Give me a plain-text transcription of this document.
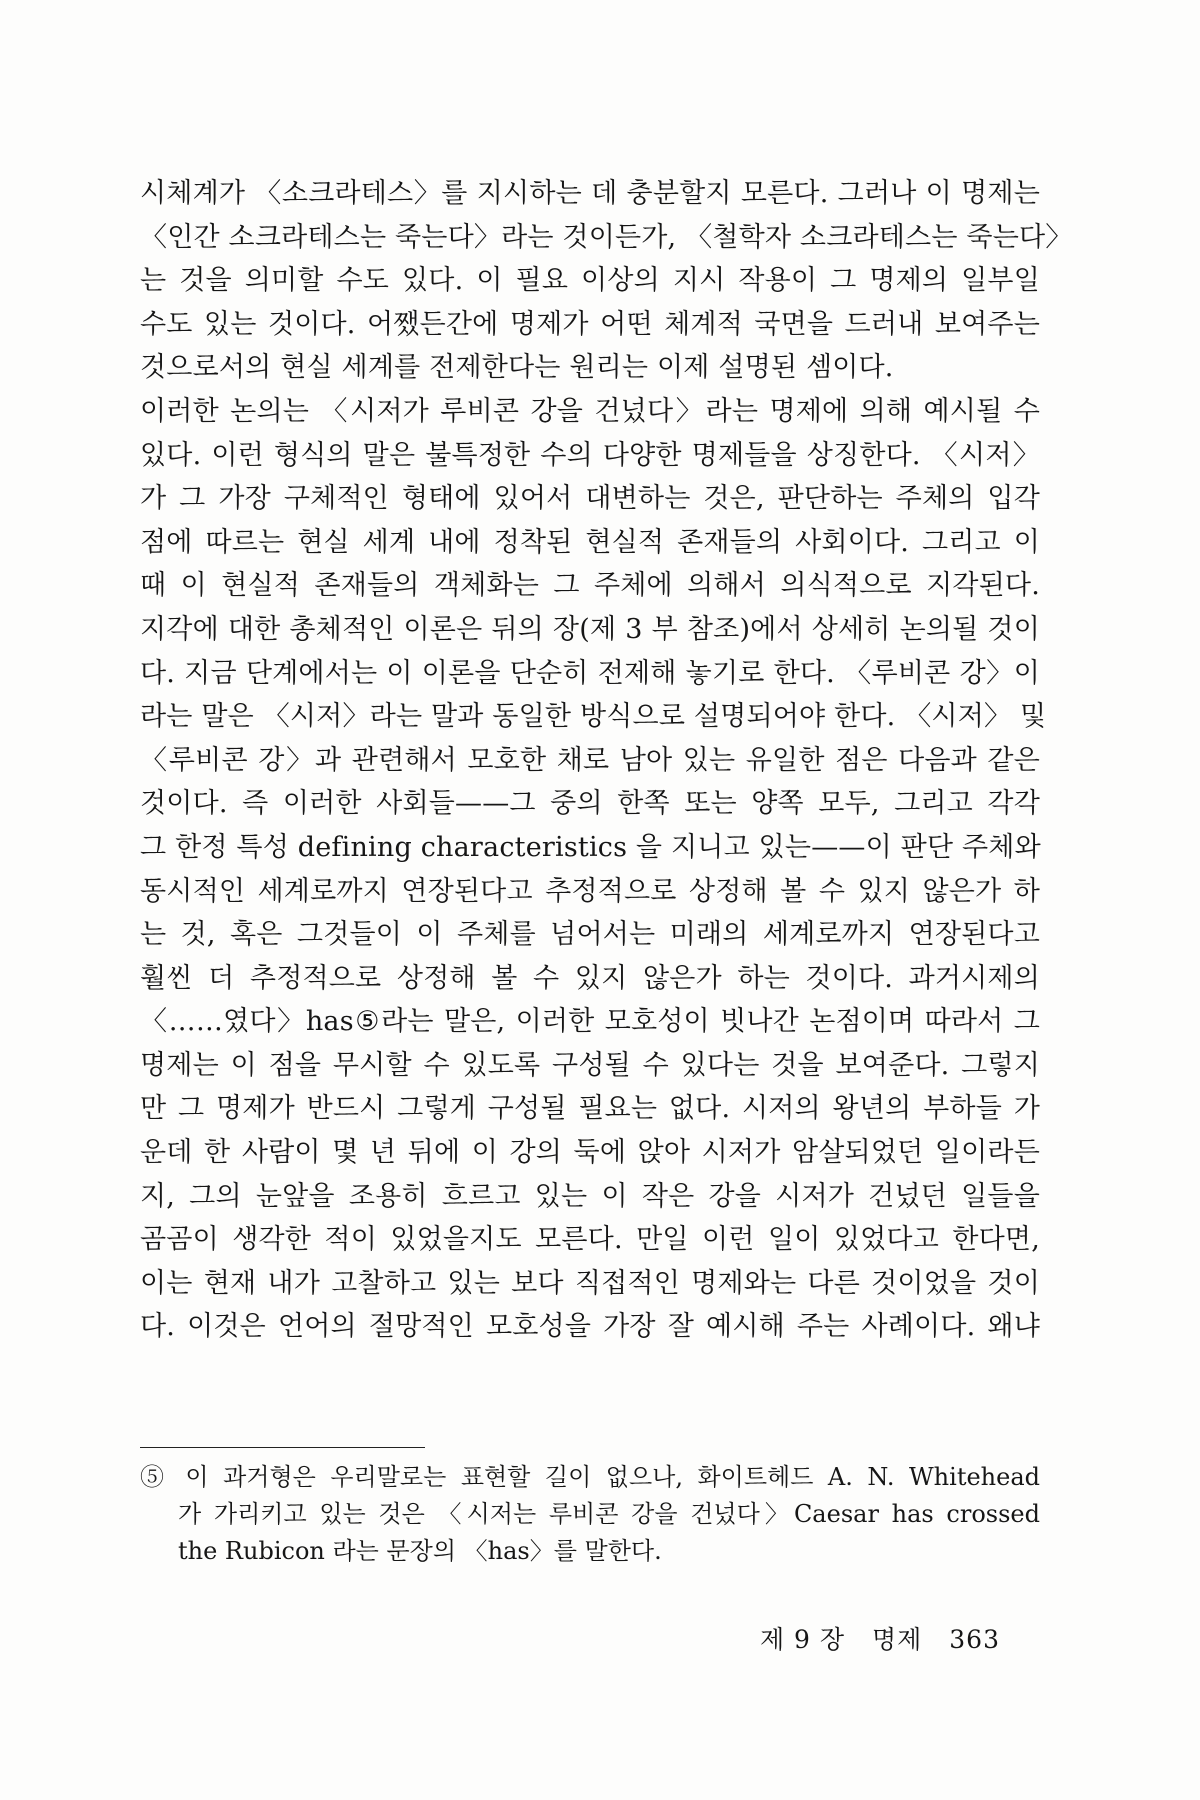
시체계가 〈소크라테스〉를 지시하는 데 충분할지 모른다. 그러나 이 명제는
〈인간 소크라테스는 죽는다〉라는 것이든가, 〈철학자 소크라테스는 죽는다〉
는 것을 의미할 수도 있다. 이 필요 이상의 지시 작용이 그 명제의 일부일
수도 있는 것이다. 어쨌든간에 명제가 어떤 체계적 국면을 드러내 보여주는
것으로서의 현실 세계를 전제한다는 원리는 이제 설명된 셈이다.
이러한 논의는 〈시저가 루비콘 강을 건넜다〉라는 명제에 의해 예시될 수
있다. 이런 형식의 말은 불특정한 수의 다양한 명제들을 상징한다. 〈시저〉
가 그 가장 구체적인 형태에 있어서 대변하는 것은, 판단하는 주체의 입각
점에 따르는 현실 세계 내에 정착된 현실적 존재들의 사회이다. 그리고 이
때 이 현실적 존재들의 객체화는 그 주체에 의해서 의식적으로 지각된다.
지각에 대한 총체적인 이론은 뒤의 장(제 3 부 참조)에서 상세히 논의될 것이
다. 지금 단계에서는 이 이론을 단순히 전제해 놓기로 한다. 〈루비콘 강〉이
라는 말은 〈시저〉라는 말과 동일한 방식으로 설명되어야 한다. 〈시저〉 및
〈루비콘 강〉과 관련해서 모호한 채로 남아 있는 유일한 점은 다음과 같은
것이다. 즉 이러한 사회들——그 중의 한쪽 또는 양쪽 모두, 그리고 각각
그 한정 특성 defining characteristics 을 지니고 있는——이 판단 주체와
동시적인 세계로까지 연장된다고 추정적으로 상정해 볼 수 있지 않은가 하
는 것, 혹은 그것들이 이 주체를 넘어서는 미래의 세계로까지 연장된다고
훨씬 더 추정적으로 상정해 볼 수 있지 않은가 하는 것이다. 과거시제의
〈……였다〉has⑤라는 말은, 이러한 모호성이 빗나간 논점이며 따라서 그
명제는 이 점을 무시할 수 있도록 구성될 수 있다는 것을 보여준다. 그렇지
만 그 명제가 반드시 그렇게 구성될 필요는 없다. 시저의 왕년의 부하들 가
운데 한 사람이 몇 년 뒤에 이 강의 둑에 앉아 시저가 암살되었던 일이라든
지, 그의 눈앞을 조용히 흐르고 있는 이 작은 강을 시저가 건넜던 일들을
곰곰이 생각한 적이 있었을지도 모른다. 만일 이런 일이 있었다고 한다면,
이는 현재 내가 고찰하고 있는 보다 직접적인 명제와는 다른 것이었을 것이
다. 이것은 언어의 절망적인 모호성을 가장 잘 예시해 주는 사례이다. 왜냐
⑤ 이 과거형은 우리말로는 표현할 길이 없으나, 화이트헤드 A. N. Whitehead
가 가리키고 있는 것은 〈시저는 루비콘 강을 건넜다〉Caesar has crossed
the Rubicon 라는 문장의 〈has〉를 말한다.
제 9 장 명제 363
